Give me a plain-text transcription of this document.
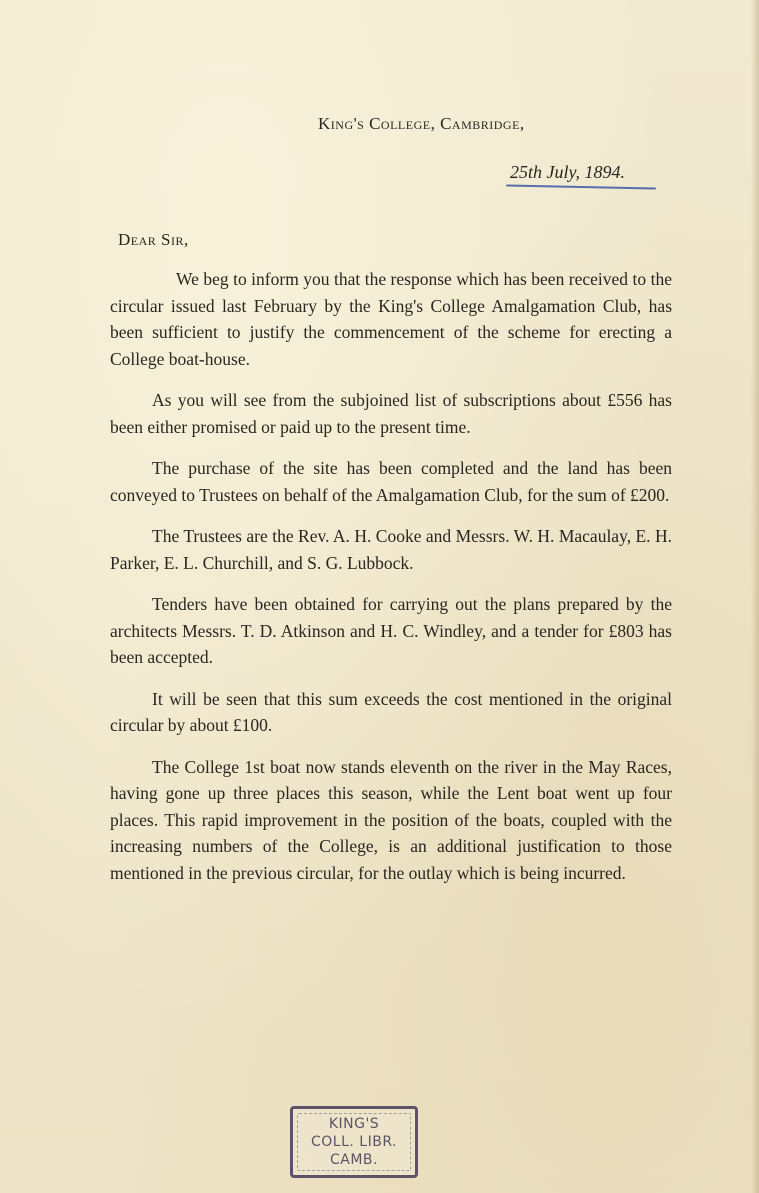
King's College, Cambridge,

25th July, 1894.
Dear Sir,

We beg to inform you that the response which has been received to the circular issued last February by the King's College Amalgamation Club, has been sufficient to justify the commencement of the scheme for erecting a College boat-house.

As you will see from the subjoined list of subscriptions about £556 has been either promised or paid up to the present time.

The purchase of the site has been completed and the land has been conveyed to Trustees on behalf of the Amalgamation Club, for the sum of £200.

The Trustees are the Rev. A. H. Cooke and Messrs. W. H. Macaulay, E. H. Parker, E. L. Churchill, and S. G. Lubbock.

Tenders have been obtained for carrying out the plans prepared by the architects Messrs. T. D. Atkinson and H. C. Windley, and a tender for £803 has been accepted.

It will be seen that this sum exceeds the cost mentioned in the original circular by about £100.

The College 1st boat now stands eleventh on the river in the May Races, having gone up three places this season, while the Lent boat went up four places. This rapid improvement in the position of the boats, coupled with the increasing numbers of the College, is an additional justification to those mentioned in the previous circular, for the outlay which is being incurred.

KING'S
COLL. LIBR.
CAMB.
